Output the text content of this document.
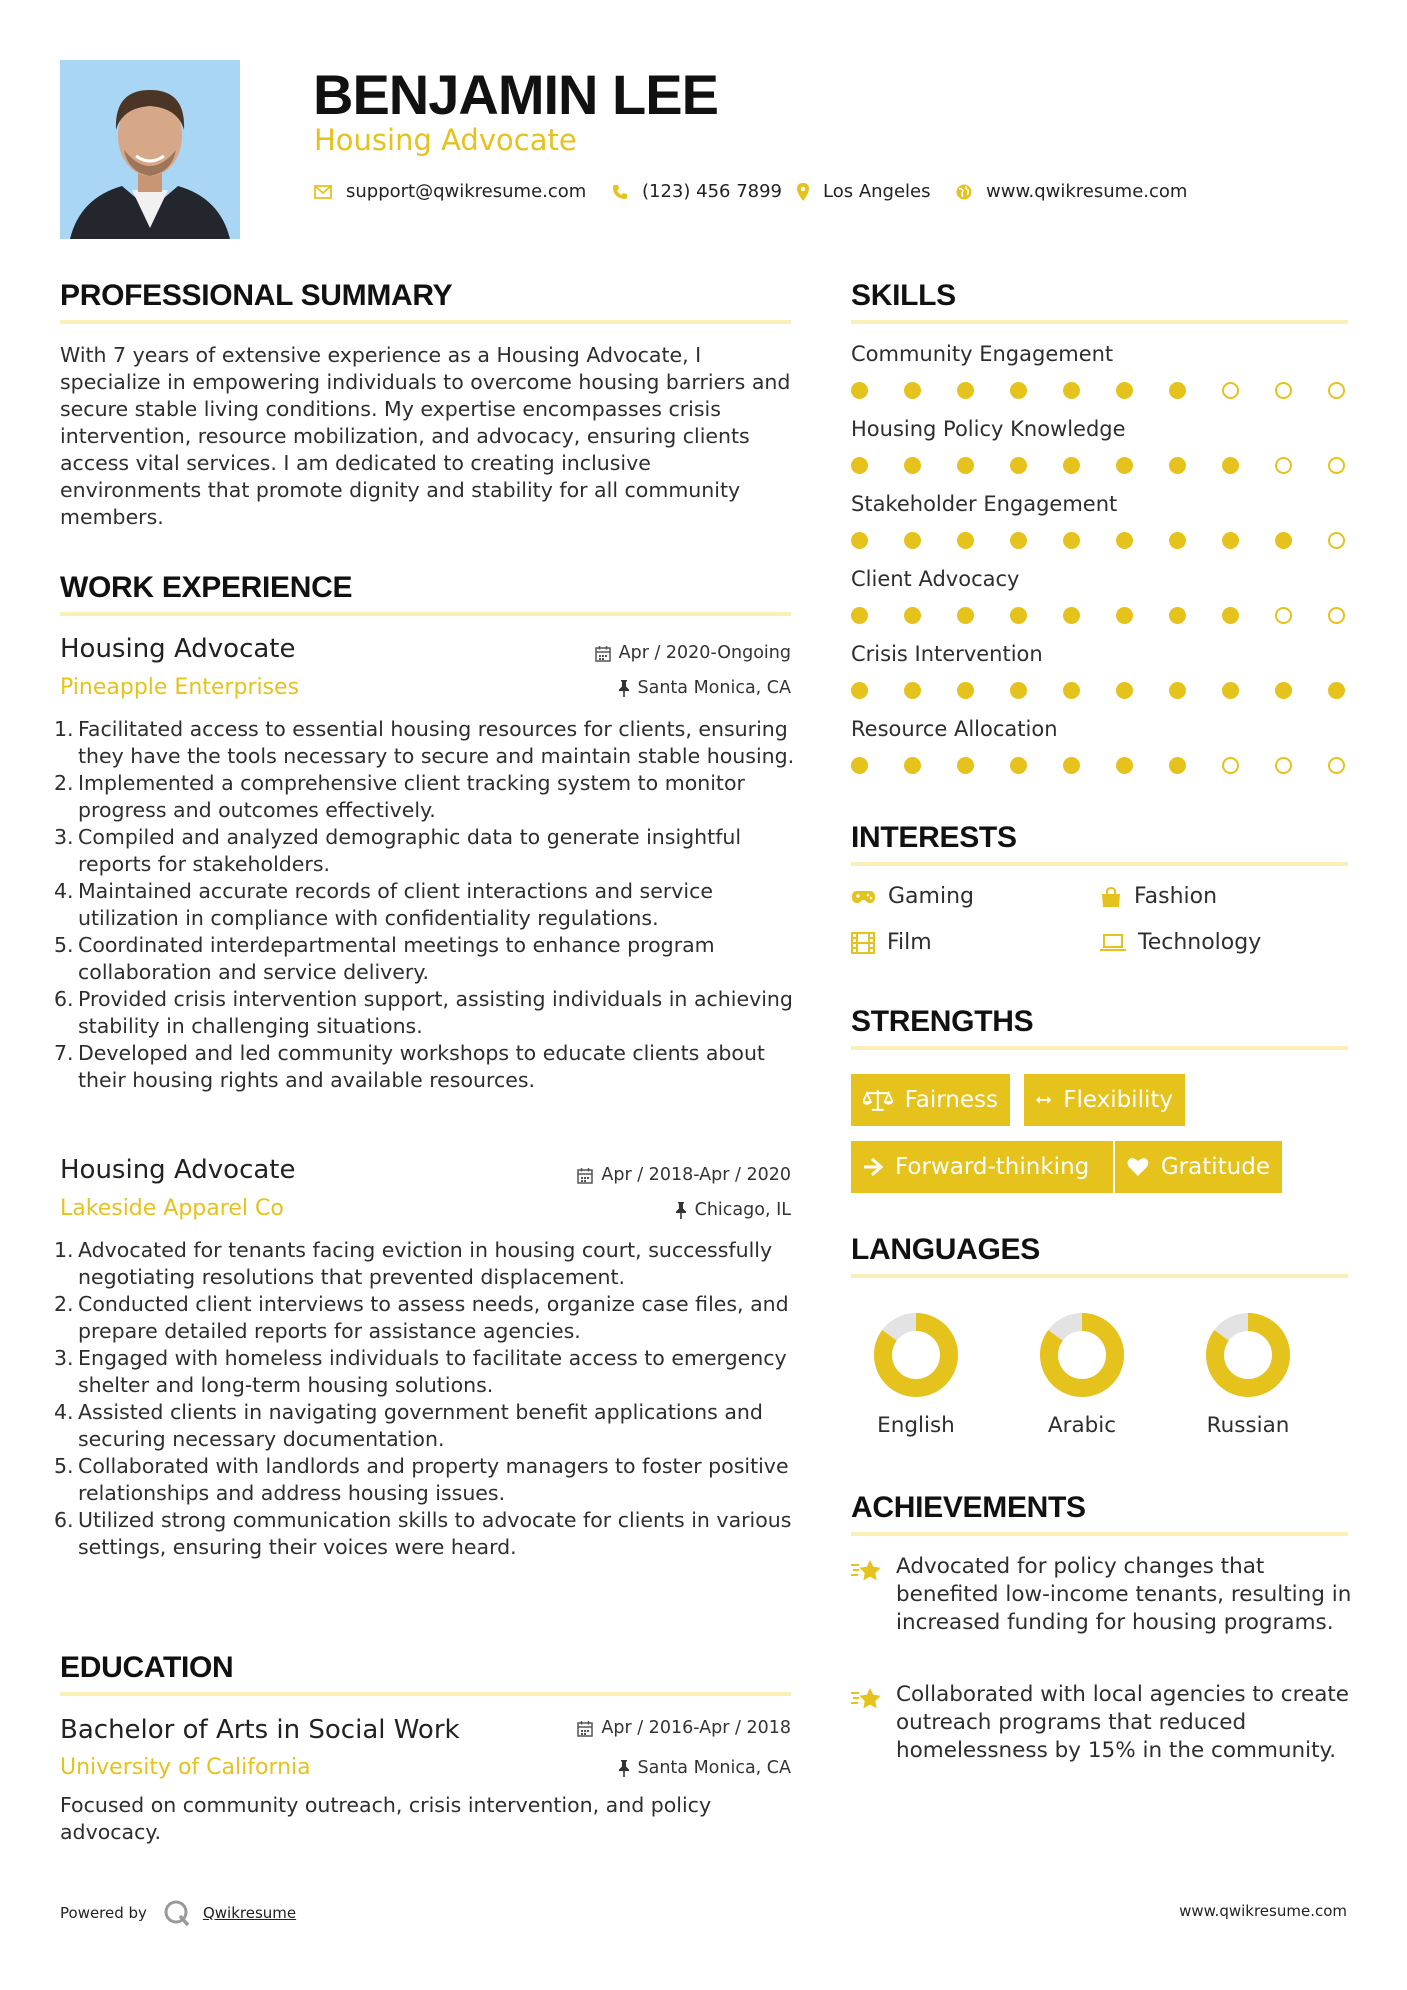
BENJAMIN LEE
Housing Advocate
support@qwikresume.com	(123) 456 7899 Los Angeles	www.qwikresume.com
PROFESSIONAL SUMMARY
With 7 years of extensive experience as a Housing Advocate, I specialize in empowering individuals to overcome housing barriers and secure stable living conditions. My expertise encompasses crisis intervention, resource mobilization, and advocacy, ensuring clients access vital services. I am dedicated to creating inclusive environments that promote dignity and stability for all community members.
WORK EXPERIENCE
Housing Advocate	Apr / 2020-Ongoing
Pineapple Enterprises	Santa Monica, CA
1. Facilitated access to essential housing resources for clients, ensuring they have the tools necessary to secure and maintain stable housing.
2. Implemented a comprehensive client tracking system to monitor progress and outcomes effectively.
3. Compiled and analyzed demographic data to generate insightful reports for stakeholders.
4. Maintained accurate records of client interactions and service utilization in compliance with confidentiality regulations.
5. Coordinated interdepartmental meetings to enhance program collaboration and service delivery.
6. Provided crisis intervention support, assisting individuals in achieving stability in challenging situations.
7. Developed and led community workshops to educate clients about their housing rights and available resources.
Housing Advocate	Apr / 2018-Apr / 2020
Lakeside Apparel Co	Chicago, IL
1. Advocated for tenants facing eviction in housing court, successfully negotiating resolutions that prevented displacement.
2. Conducted client interviews to assess needs, organize case files, and prepare detailed reports for assistance agencies.
3. Engaged with homeless individuals to facilitate access to emergency shelter and long-term housing solutions.
4. Assisted clients in navigating government benefit applications and securing necessary documentation.
5. Collaborated with landlords and property managers to foster positive relationships and address housing issues.
6. Utilized strong communication skills to advocate for clients in various settings, ensuring their voices were heard.
EDUCATION
Bachelor of Arts in Social Work	Apr / 2016-Apr / 2018
University of California	Santa Monica, CA
Focused on community outreach, crisis intervention, and policy advocacy.
SKILLS
Community Engagement
Housing Policy Knowledge
Stakeholder Engagement
Client Advocacy
Crisis Intervention
Resource Allocation
INTERESTS
Gaming	Fashion
Film	Technology
STRENGTHS
Fairness	Flexibility
Forward-thinking	Gratitude
LANGUAGES
English	Arabic	Russian
ACHIEVEMENTS
Advocated for policy changes that benefited low-income tenants, resulting in increased funding for housing programs.
Collaborated with local agencies to create outreach programs that reduced homelessness by 15% in the community.
Powered by	Qwikresume	www.qwikresume.com
